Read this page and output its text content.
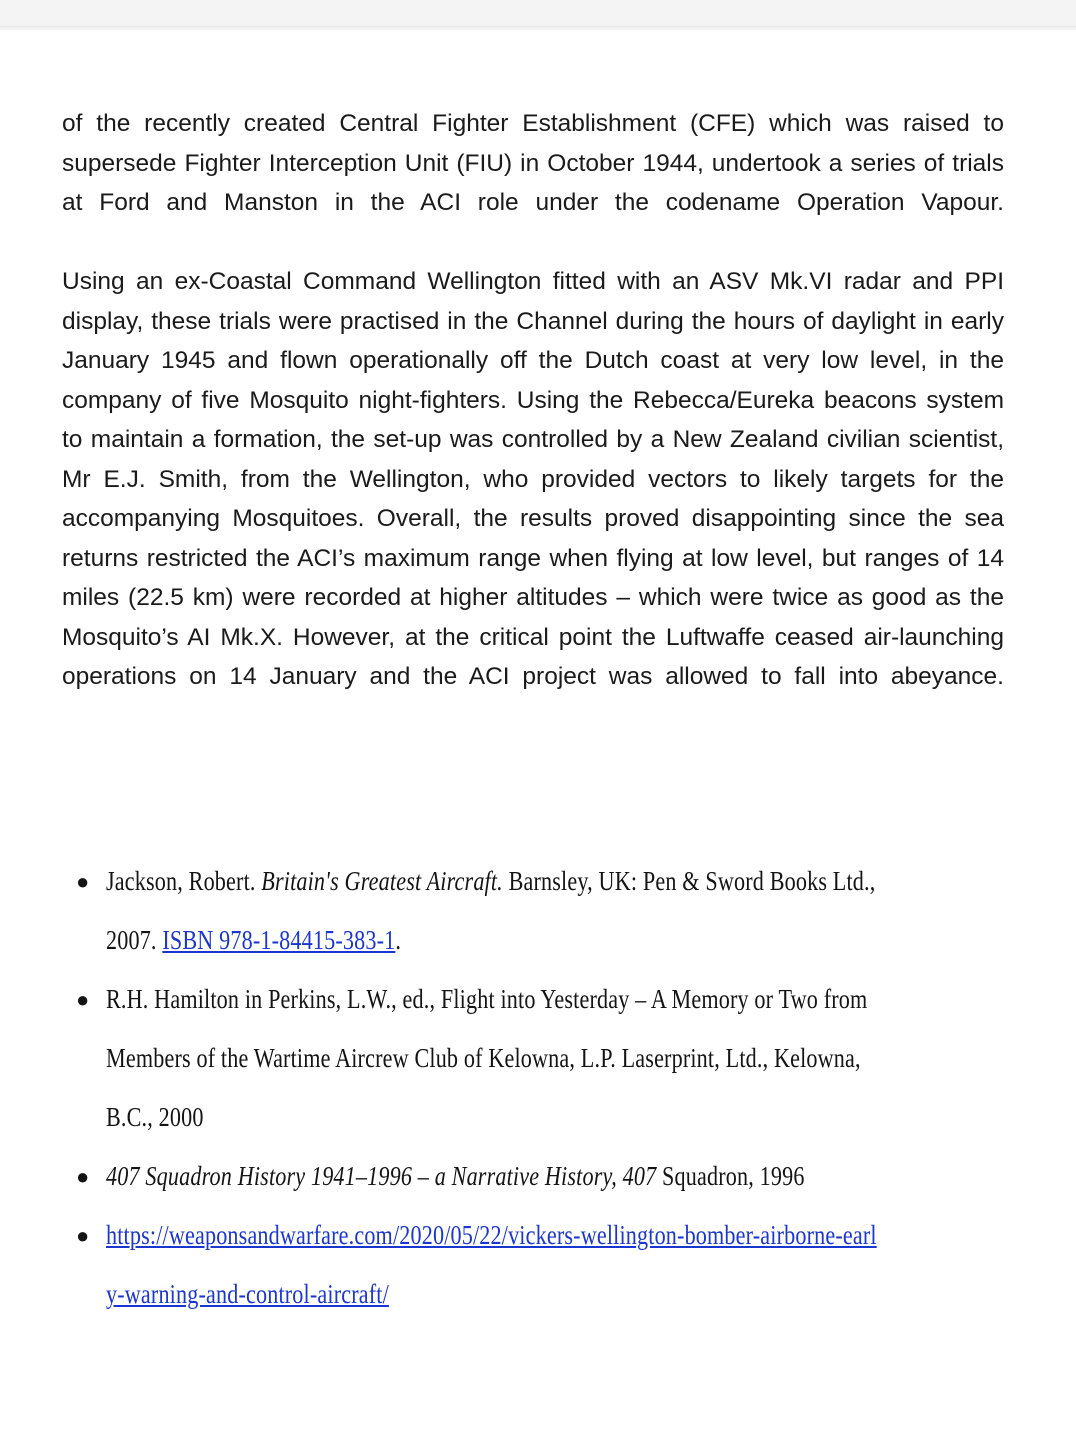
of the recently created Central Fighter Establishment (CFE) which was raised to supersede Fighter Interception Unit (FIU) in October 1944, undertook a series of trials at Ford and Manston in the ACI role under the codename Operation Vapour.

Using an ex-Coastal Command Wellington fitted with an ASV Mk.VI radar and PPI display, these trials were practised in the Channel during the hours of daylight in early January 1945 and flown operationally off the Dutch coast at very low level, in the company of five Mosquito night-fighters. Using the Rebecca/Eureka beacons system to maintain a formation, the set-up was controlled by a New Zealand civilian scientist, Mr E.J. Smith, from the Wellington, who provided vectors to likely targets for the accompanying Mosquitoes. Overall, the results proved disappointing since the sea returns restricted the ACI’s maximum range when flying at low level, but ranges of 14 miles (22.5 km) were recorded at higher altitudes – which were twice as good as the Mosquito’s AI Mk.X. However, at the critical point the Luftwaffe ceased air-launching operations on 14 January and the ACI project was allowed to fall into abeyance.

● Jackson, Robert. Britain's Greatest Aircraft. Barnsley, UK: Pen & Sword Books Ltd., 2007. ISBN 978-1-84415-383-1.
● R.H. Hamilton in Perkins, L.W., ed., Flight into Yesterday – A Memory or Two from Members of the Wartime Aircrew Club of Kelowna, L.P. Laserprint, Ltd., Kelowna, B.C., 2000
● 407 Squadron History 1941–1996 – a Narrative History, 407 Squadron, 1996
● https://weaponsandwarfare.com/2020/05/22/vickers-wellington-bomber-airborne-early-warning-and-control-aircraft/
